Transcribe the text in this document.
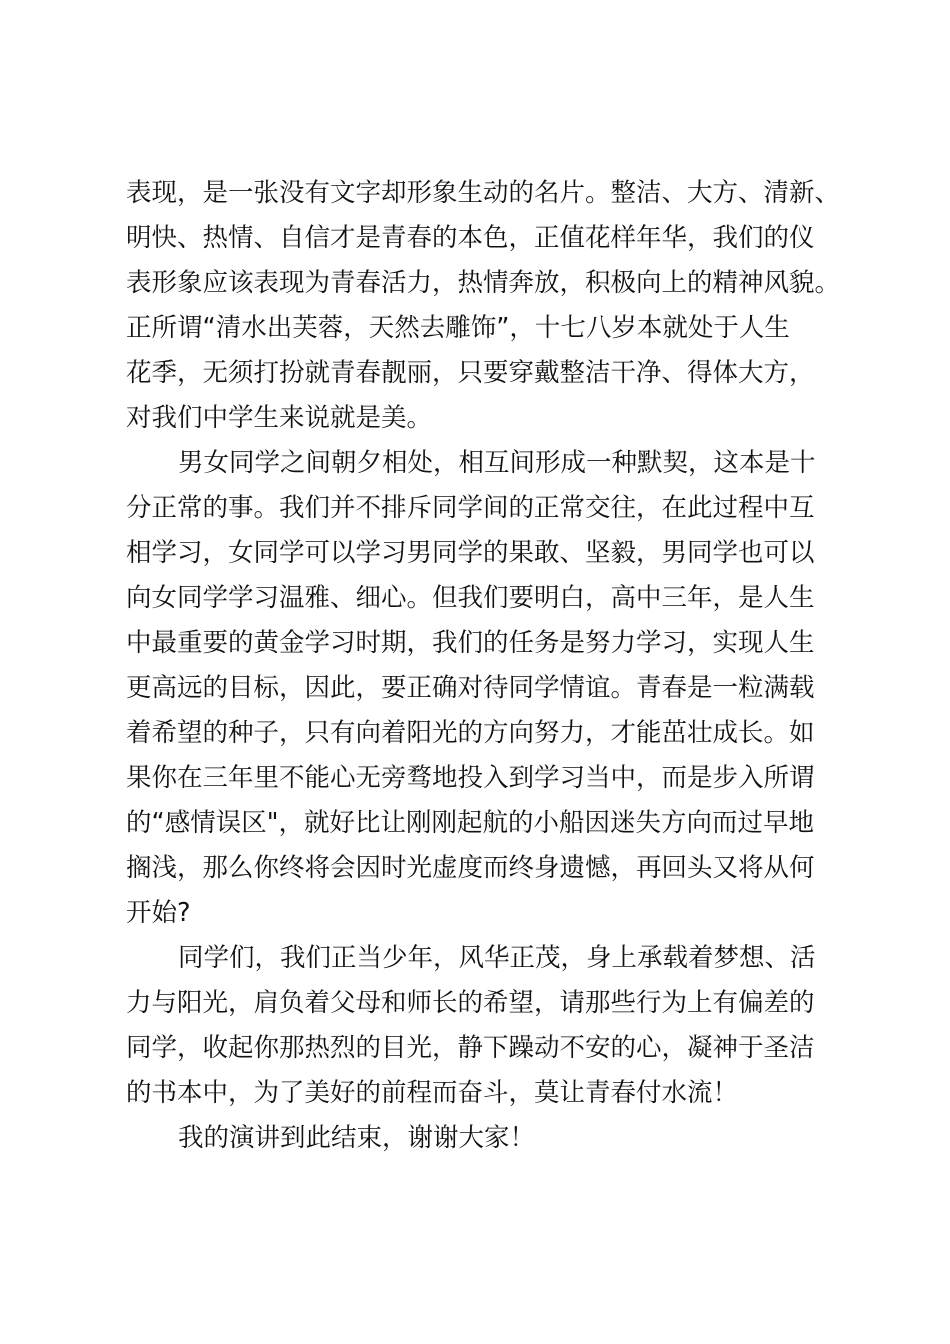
表现，是一张没有文字却形象生动的名片。整洁、大方、清新、
明快、热情、自信才是青春的本色，正值花样年华，我们的仪
表形象应该表现为青春活力，热情奔放，积极向上的精神风貌。
正所谓“清水出芙蓉，天然去雕饰”，十七八岁本就处于人生
花季，无须打扮就青春靓丽，只要穿戴整洁干净、得体大方，
对我们中学生来说就是美。
男女同学之间朝夕相处，相互间形成一种默契，这本是十
分正常的事。我们并不排斥同学间的正常交往，在此过程中互
相学习，女同学可以学习男同学的果敢、坚毅，男同学也可以
向女同学学习温雅、细心。但我们要明白，高中三年，是人生
中最重要的黄金学习时期，我们的任务是努力学习，实现人生
更高远的目标，因此，要正确对待同学情谊。青春是一粒满载
着希望的种子，只有向着阳光的方向努力，才能茁壮成长。如
果你在三年里不能心无旁骛地投入到学习当中，而是步入所谓
的“感情误区"，就好比让刚刚起航的小船因迷失方向而过早地
搁浅，那么你终将会因时光虚度而终身遗憾，再回头又将从何
开始?
同学们，我们正当少年，风华正茂，身上承载着梦想、活
力与阳光，肩负着父母和师长的希望，请那些行为上有偏差的
同学，收起你那热烈的目光，静下躁动不安的心，凝神于圣洁
的书本中，为了美好的前程而奋斗，莫让青春付水流！
我的演讲到此结束，谢谢大家！
